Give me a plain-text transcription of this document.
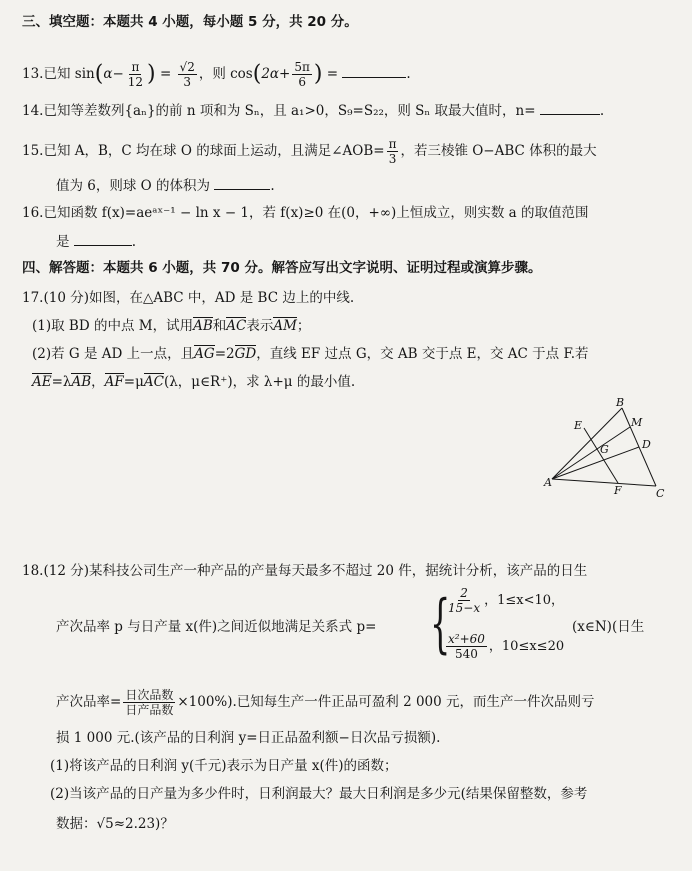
三、填空题：本题共 4 小题，每小题 5 分，共 20 分。
13.已知 $\sin(\alpha- \frac{\pi}{12}$ ) = $\frac{√2}{3}$ ，则 $\cos(2\alpha+ \frac{5\pi}{6}$ ) =	.
14.已知等差数列{aₙ}的前 n 项和为 Sₙ，且 a₁>0，S₉=S₂₂，则 Sₙ 取最大值时，n=	.
15.已知 A，B，C 均在球 O 的球面上运动，且满足∠AOB= $\frac{\pi}{3}$ ，若三棱锥 O−ABC 体积的最大
值为 6，则球 O 的体积为	.
16.已知函数 f(x)=aeᵃˣ⁻¹ − ln x − 1，若 f(x)≥0 在(0，+∞)上恒成立，则实数 a 的取值范围
是	.
四、解答题：本题共 6 小题，共 70 分。解答应写出文字说明、证明过程或演算步骤。
17.(10 分)如图，在△ABC 中，AD 是 BC 边上的中线.
(1)取 BD 的中点 M，试用AB和AC表示AM；
(2)若 G 是 AD 上一点，且AG=2GD，直线 EF 过点 G，交 AB 交于点 E，交 AC 于点 F.若
AE=λAB，AF=μAC(λ，μ∈R⁺)，求 λ+μ 的最小值.
A
B
C
D
E
F
G
M
18.(12 分)某科技公司生产一种产品的产量每天最多不超过 20 件，据统计分析，该产品的日生
产次品率 p 与日产量 x(件)之间近似地满足关系式 p= {
$\frac{2}{15-x}$ ，1≤x<10，
$\frac{\text{x²+60}}{540}$ ，10≤x≤20
(x∈N)(日生
产次品率= $\frac{\text{日次品数}}{\text{日产品数}} \times 100\%$).已知每生产一件正品可盈利 2 000 元，而生产一件次品则亏
损 1 000 元.(该产品的日利润 y=日正品盈利额−日次品亏损额).
(1)将该产品的日利润 y(千元)表示为日产量 x(件)的函数；
(2)当该产品的日产量为多少件时，日利润最大？最大日利润是多少元(结果保留整数，参考
数据：√5≈2.23)？
